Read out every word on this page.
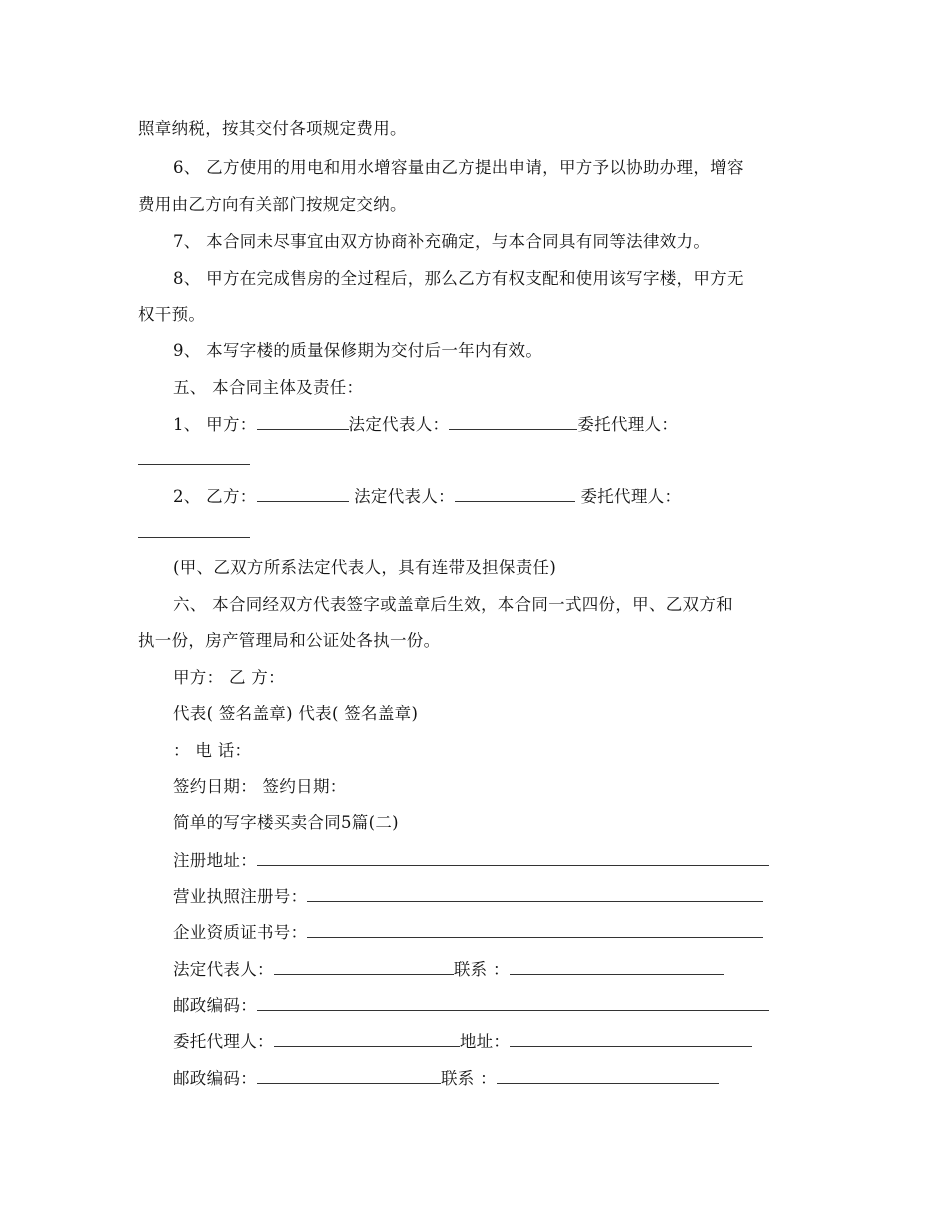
照章纳税，按其交付各项规定费用。
6、 乙方使用的用电和用水增容量由乙方提出申请，甲方予以协助办理，增容
费用由乙方向有关部门按规定交纳。
7、 本合同未尽事宜由双方协商补充确定，与本合同具有同等法律效力。
8、 甲方在完成售房的全过程后，那么乙方有权支配和使用该写字楼，甲方无
权干预。
9、 本写字楼的质量保修期为交付后一年内有效。
五、 本合同主体及责任：
1、 甲方：	法定代表人：	委托代理人：
2、 乙方：	法定代表人：	委托代理人：
(甲、乙双方所系法定代表人，具有连带及担保责任)
六、 本合同经双方代表签字或盖章后生效，本合同一式四份，甲、乙双方和
执一份，房产管理局和公证处各执一份。
甲方： 乙 方：
代表( 签名盖章) 代表( 签名盖章)
： 电 话：
签约日期： 签约日期：
简单的写字楼买卖合同5篇(二)
注册地址：
营业执照注册号：
企业资质证书号：
法定代表人：	联系 ：
邮政编码：
委托代理人：	地址：
邮政编码：	联系 ：
